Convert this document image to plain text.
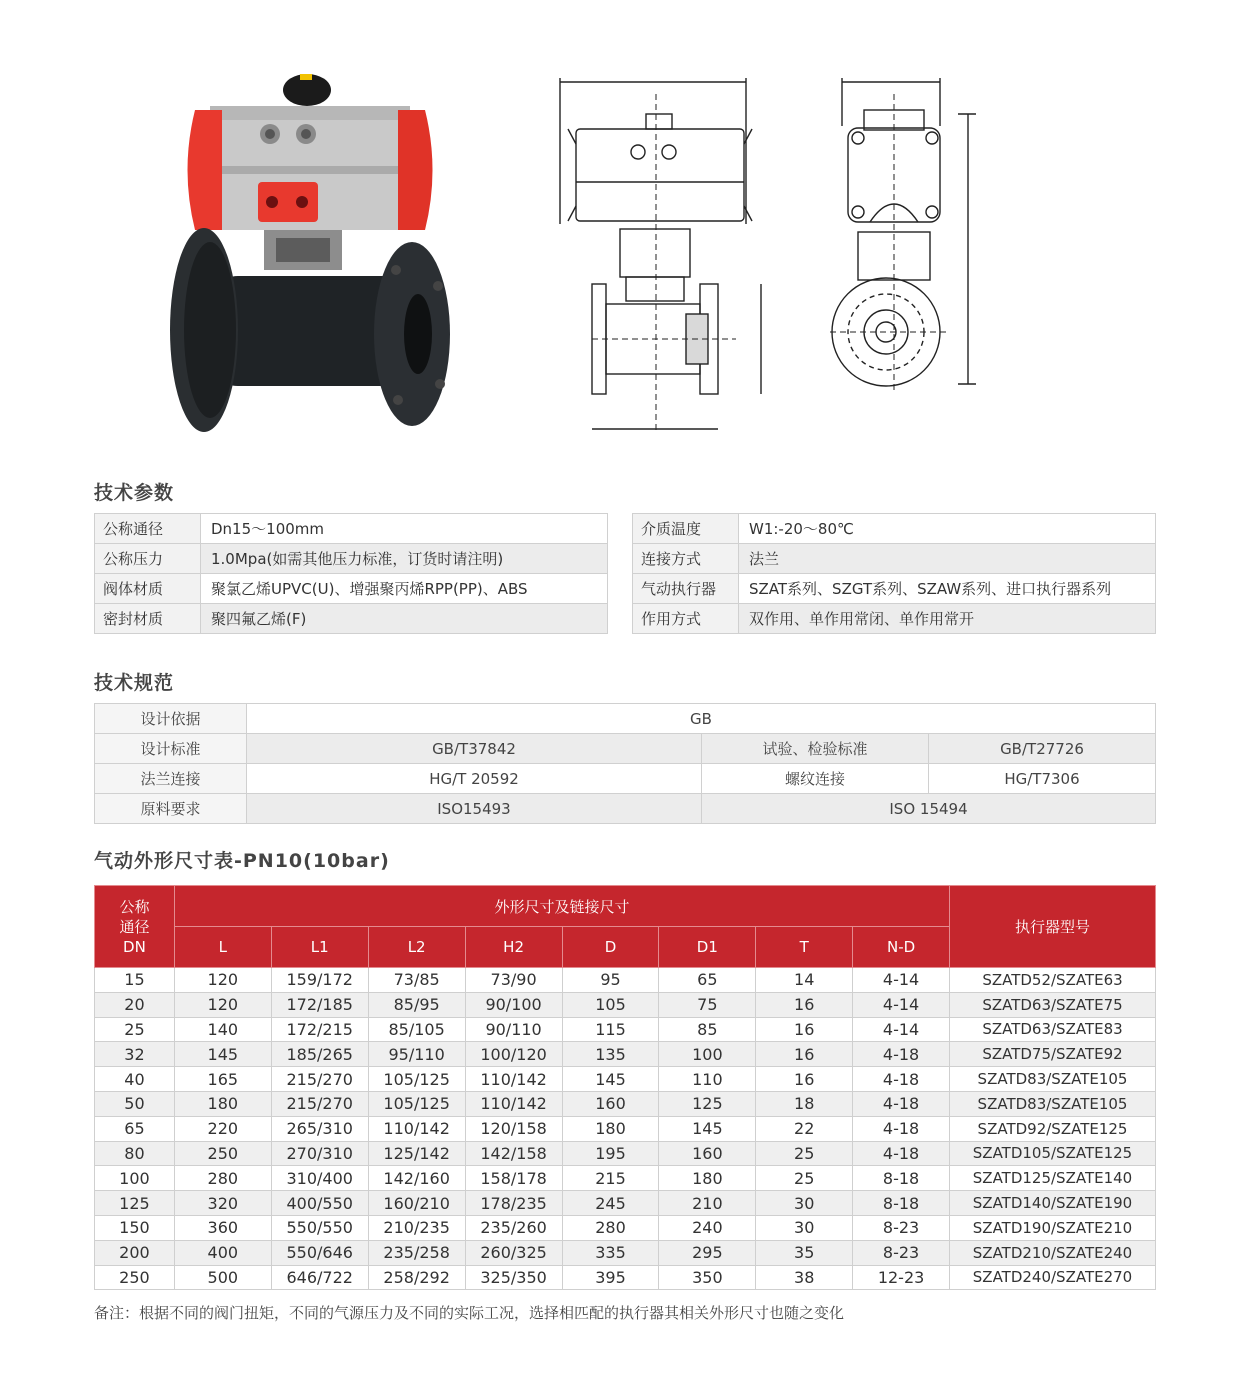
技术参数
公称通径	Dn15～100mm
公称压力	1.0Mpa(如需其他压力标准，订货时请注明)
阀体材质	聚氯乙烯UPVC(U)、增强聚丙烯RPP(PP)、ABS
密封材质	聚四氟乙烯(F)
介质温度	W1:-20～80℃
连接方式	法兰
气动执行器	SZAT系列、SZGT系列、SZAW系列、进口执行器系列
作用方式	双作用、单作用常闭、单作用常开
技术规范
设计依据	GB		
设计标准	GB/T37842	试验、检验标准	GB/T27726
法兰连接	HG/T 20592	螺纹连接	HG/T7306
原料要求	ISO15493	ISO 15494	
气动外形尺寸表-PN10(10bar)
公称
通径
DN	外形尺寸及链接尺寸								执行器型号
	L	L1	L2	H2	D	D1	T	N-D	
15	120	159/172	73/85	73/90	95	65	14	4-14	SZATD52/SZATE63
20	120	172/185	85/95	90/100	105	75	16	4-14	SZATD63/SZATE75
25	140	172/215	85/105	90/110	115	85	16	4-14	SZATD63/SZATE83
32	145	185/265	95/110	100/120	135	100	16	4-18	SZATD75/SZATE92
40	165	215/270	105/125	110/142	145	110	16	4-18	SZATD83/SZATE105
50	180	215/270	105/125	110/142	160	125	18	4-18	SZATD83/SZATE105
65	220	265/310	110/142	120/158	180	145	22	4-18	SZATD92/SZATE125
80	250	270/310	125/142	142/158	195	160	25	4-18	SZATD105/SZATE125
100	280	310/400	142/160	158/178	215	180	25	8-18	SZATD125/SZATE140
125	320	400/550	160/210	178/235	245	210	30	8-18	SZATD140/SZATE190
150	360	550/550	210/235	235/260	280	240	30	8-23	SZATD190/SZATE210
200	400	550/646	235/258	260/325	335	295	35	8-23	SZATD210/SZATE240
250	500	646/722	258/292	325/350	395	350	38	12-23	SZATD240/SZATE270
备注：根据不同的阀门扭矩，不同的气源压力及不同的实际工况，选择相匹配的执行器其相关外形尺寸也随之变化
